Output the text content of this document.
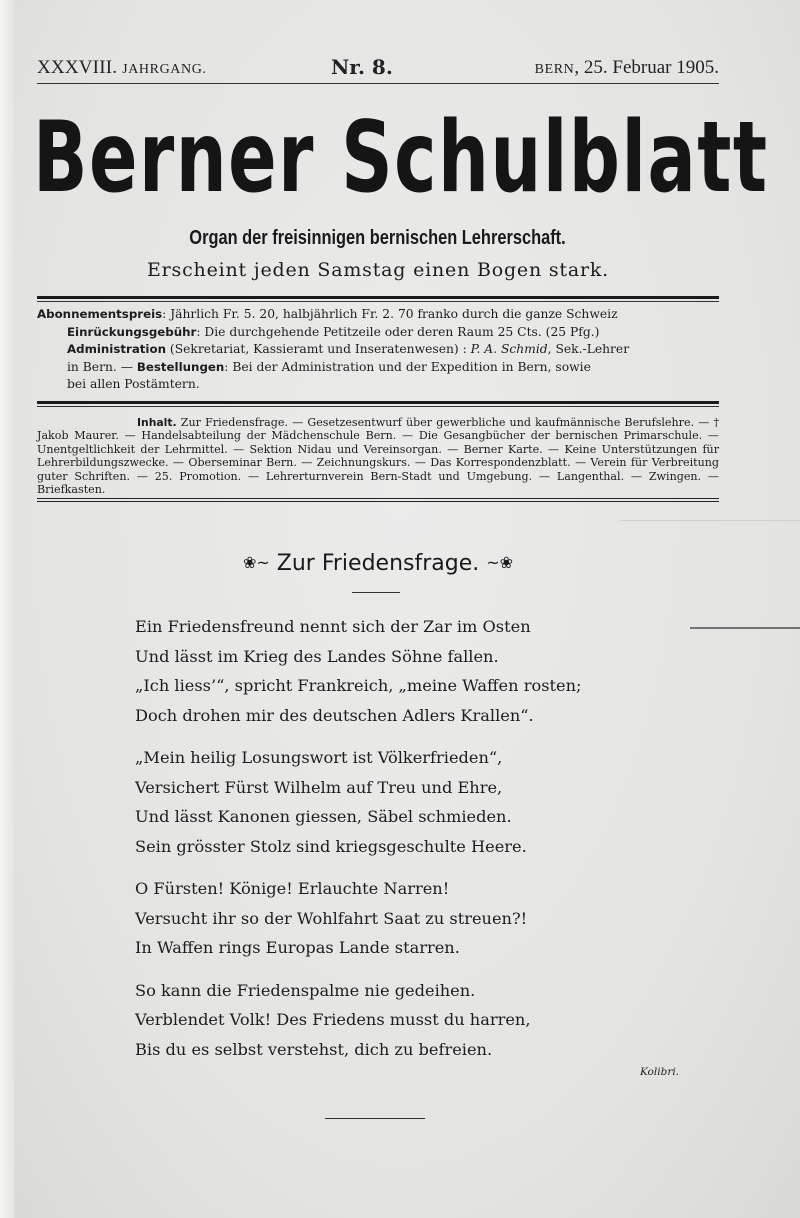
XXXVIII. JAHRGANG.	Nr. 8.	BERN, 25. Februar 1905.
Berner Schulblatt
Organ der freisinnigen bernischen Lehrerschaft.
Erscheint jeden Samstag einen Bogen stark.
Abonnementspreis: Jährlich Fr. 5. 20, halbjährlich Fr. 2. 70 franko durch die ganze Schweiz
Einrückungsgebühr: Die durchgehende Petitzeile oder deren Raum 25 Cts. (25 Pfg.)
Administration (Sekretariat, Kassieramt und Inseratenwesen) : P. A. Schmid, Sek.-Lehrer
in Bern. — Bestellungen: Bei der Administration und der Expedition in Bern, sowie
bei allen Postämtern.
Inhalt. Zur Friedensfrage. — Gesetzesentwurf über gewerbliche und kaufmännische Berufslehre. — † Jakob Maurer. — Handelsabteilung der Mädchenschule Bern. — Die Gesangbücher der bernischen Primarschule. — Unentgeltlichkeit der Lehrmittel. — Sektion Nidau und Vereinsorgan. — Berner Karte. — Keine Unterstützungen für Lehrerbildungszwecke. — Oberseminar Bern. — Zeichnungskurs. — Das Korrespondenzblatt. — Verein für Verbreitung guter Schriften. — 25. Promotion. — Lehrerturnverein Bern-Stadt und Umgebung. — Langenthal. — Zwingen. — Briefkasten.
❀~ Zur Friedensfrage. ~❀
Ein Friedensfreund nennt sich der Zar im Osten
Und lässt im Krieg des Landes Söhne fallen.
„Ich liess’“, spricht Frankreich, „meine Waffen rosten;
Doch drohen mir des deutschen Adlers Krallen“.
„Mein heilig Losungswort ist Völkerfrieden“,
Versichert Fürst Wilhelm auf Treu und Ehre,
Und lässt Kanonen giessen, Säbel schmieden.
Sein grösster Stolz sind kriegsgeschulte Heere.
O Fürsten! Könige! Erlauchte Narren!
Versucht ihr so der Wohlfahrt Saat zu streuen?!
In Waffen rings Europas Lande starren.
So kann die Friedenspalme nie gedeihen.
Verblendet Volk! Des Friedens musst du harren,
Bis du es selbst verstehst, dich zu befreien.
Kolibri.
